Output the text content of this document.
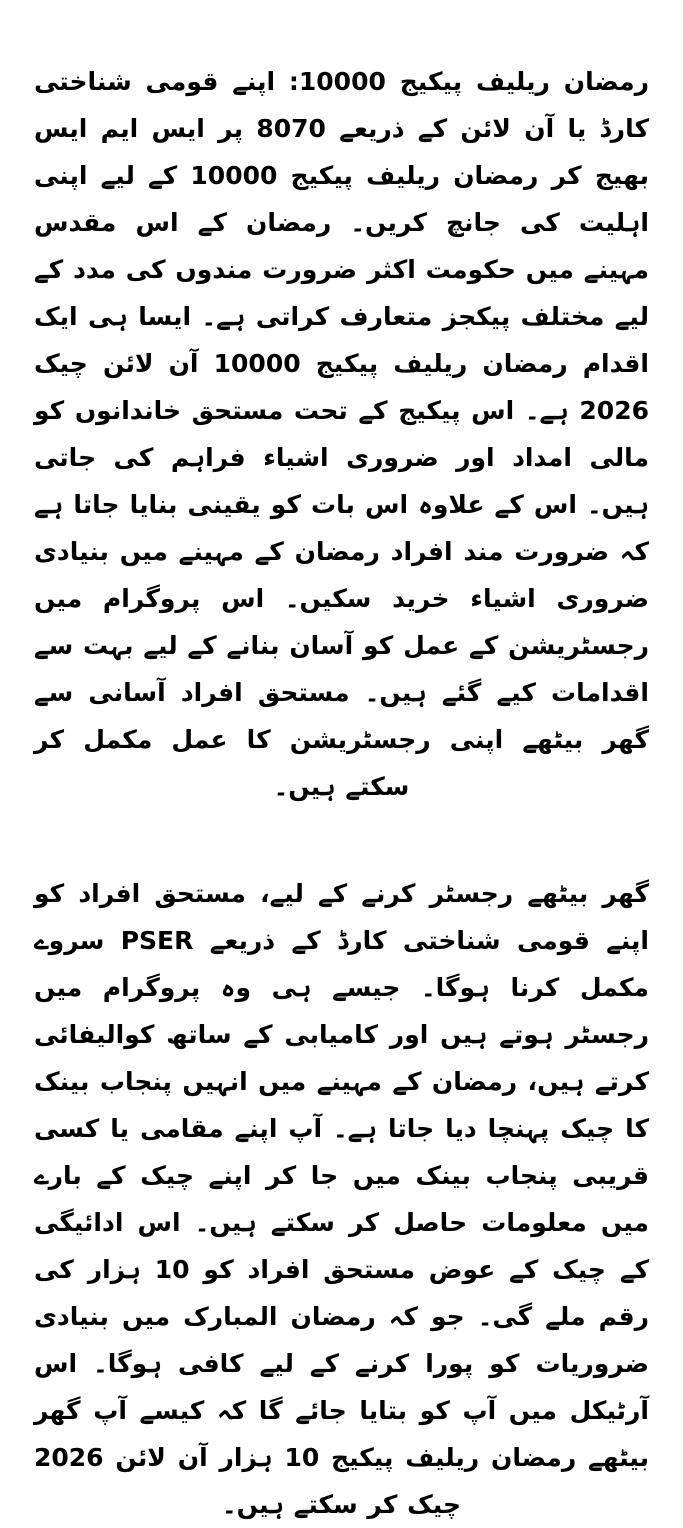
رمضان ریلیف پیکیج 10000: اپنے قومی شناختی کارڈ یا آن لائن کے ذریعے 8070 پر ایس ایم ایس بھیج کر رمضان ریلیف پیکیج 10000 کے لیے اپنی اہلیت کی جانچ کریں۔ رمضان کے اس مقدس مہینے میں حکومت اکثر ضرورت مندوں کی مدد کے لیے مختلف پیکجز متعارف کراتی ہے۔ ایسا ہی ایک اقدام رمضان ریلیف پیکیج 10000 آن لائن چیک 2026 ہے۔ اس پیکیج کے تحت مستحق خاندانوں کو مالی امداد اور ضروری اشیاء فراہم کی جاتی ہیں۔ اس کے علاوہ اس بات کو یقینی بنایا جاتا ہے کہ ضرورت مند افراد رمضان کے مہینے میں بنیادی ضروری اشیاء خرید سکیں۔ اس پروگرام میں رجسٹریشن کے عمل کو آسان بنانے کے لیے بہت سے اقدامات کیے گئے ہیں۔ مستحق افراد آسانی سے گھر بیٹھے اپنی رجسٹریشن کا عمل مکمل کر سکتے ہیں۔

گھر بیٹھے رجسٹر کرنے کے لیے، مستحق افراد کو اپنے قومی شناختی کارڈ کے ذریعے PSER سروے مکمل کرنا ہوگا۔ جیسے ہی وہ پروگرام میں رجسٹر ہوتے ہیں اور کامیابی کے ساتھ کوالیفائی کرتے ہیں، رمضان کے مہینے میں انہیں پنجاب بینک کا چیک پہنچا دیا جاتا ہے۔ آپ اپنے مقامی یا کسی قریبی پنجاب بینک میں جا کر اپنے چیک کے بارے میں معلومات حاصل کر سکتے ہیں۔ اس ادائیگی کے چیک کے عوض مستحق افراد کو 10 ہزار کی رقم ملے گی۔ جو کہ رمضان المبارک میں بنیادی ضروریات کو پورا کرنے کے لیے کافی ہوگا۔ اس آرٹیکل میں آپ کو بتایا جائے گا کہ کیسے آپ گھر بیٹھے رمضان ریلیف پیکیج 10 ہزار آن لائن 2026 چیک کر سکتے ہیں۔
